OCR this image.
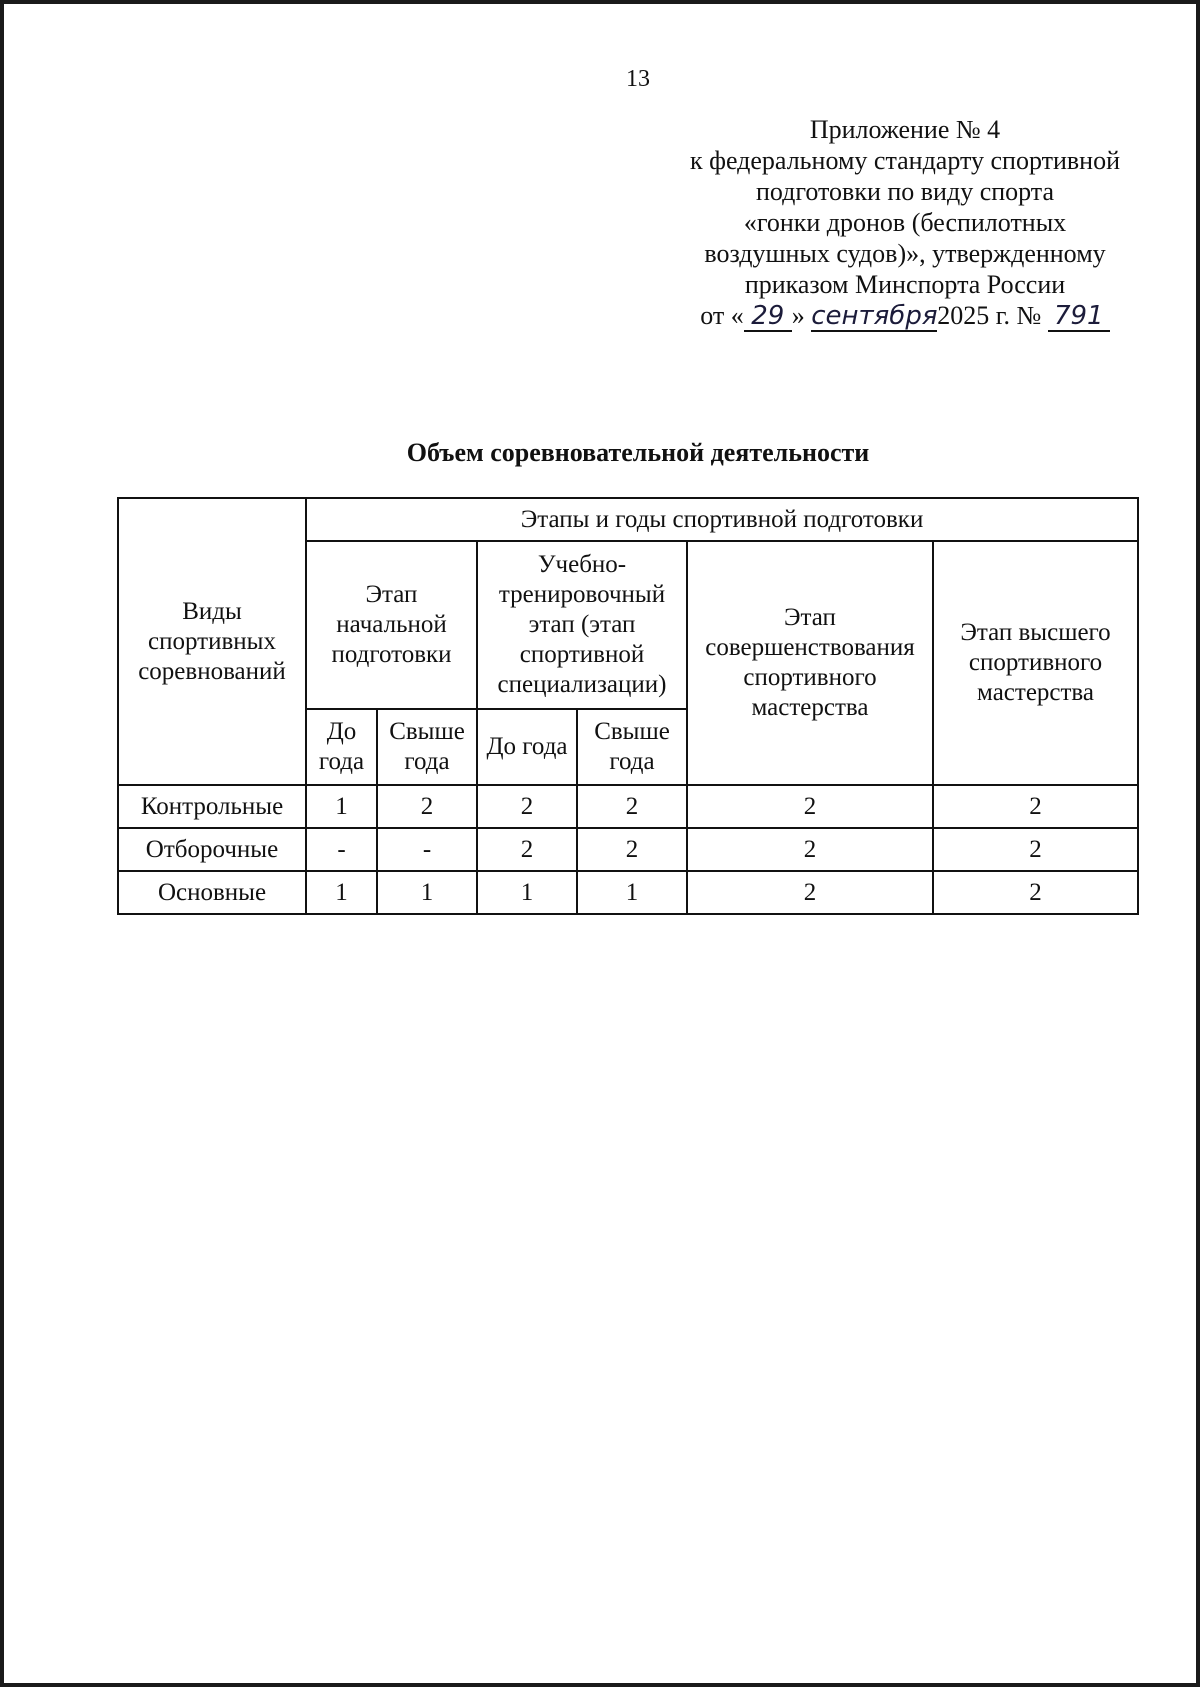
13
Приложение № 4
к федеральному стандарту спортивной
подготовки по виду спорта
«гонки дронов (беспилотных
воздушных судов)», утвержденному
приказом Минспорта России
от « 29 » сентября2025 г. № 791
Объем соревновательной деятельности
Виды спортивных соревнований	Этапы и годы спортивной подготовки					
	Этап начальной подготовки		Учебно-тренировочный этап (этап спортивной специализации)		Этап совершенствования спортивного мастерства	Этап высшего спортивного мастерства
	До года	Свыше года	До года	Свыше года		
Контрольные	1	2	2	2	2	2
Отборочные	-	-	2	2	2	2
Основные	1	1	1	1	2	2
